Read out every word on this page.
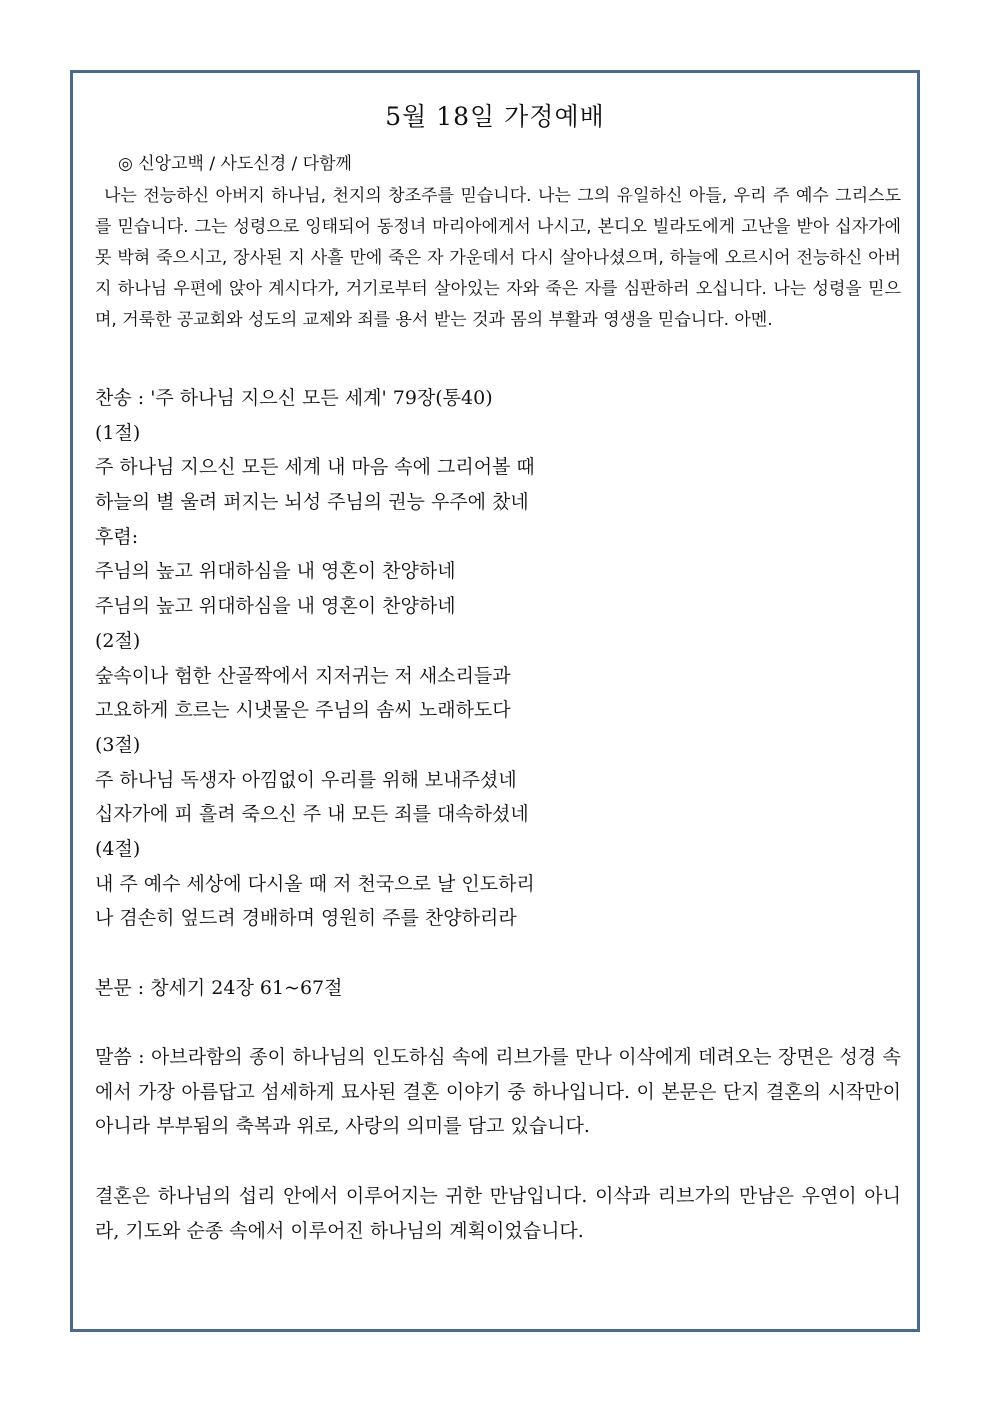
5월 18일 가정예배
◎ 신앙고백 / 사도신경 / 다함께
나는 전능하신 아버지 하나님, 천지의 창조주를 믿습니다. 나는 그의 유일하신 아들, 우리 주 예수 그리스도를 믿습니다. 그는 성령으로 잉태되어 동정녀 마리아에게서 나시고, 본디오 빌라도에게 고난을 받아 십자가에 못 박혀 죽으시고, 장사된 지 사흘 만에 죽은 자 가운데서 다시 살아나셨으며, 하늘에 오르시어 전능하신 아버지 하나님 우편에 앉아 계시다가, 거기로부터 살아있는 자와 죽은 자를 심판하러 오십니다. 나는 성령을 믿으며, 거룩한 공교회와 성도의 교제와 죄를 용서 받는 것과 몸의 부활과 영생을 믿습니다. 아멘.
찬송 : '주 하나님 지으신 모든 세계' 79장(통40)
(1절)
주 하나님 지으신 모든 세계 내 마음 속에 그리어볼 때
하늘의 별 울려 퍼지는 뇌성 주님의 권능 우주에 찼네
후렴:
주님의 높고 위대하심을 내 영혼이 찬양하네
주님의 높고 위대하심을 내 영혼이 찬양하네
(2절)
숲속이나 험한 산골짝에서 지저귀는 저 새소리들과
고요하게 흐르는 시냇물은 주님의 솜씨 노래하도다
(3절)
주 하나님 독생자 아낌없이 우리를 위해 보내주셨네
십자가에 피 흘려 죽으신 주 내 모든 죄를 대속하셨네
(4절)
내 주 예수 세상에 다시올 때 저 천국으로 날 인도하리
나 겸손히 엎드려 경배하며 영원히 주를 찬양하리라
본문 : 창세기 24장 61~67절
말씀 : 아브라함의 종이 하나님의 인도하심 속에 리브가를 만나 이삭에게 데려오는 장면은 성경 속에서 가장 아름답고 섬세하게 묘사된 결혼 이야기 중 하나입니다. 이 본문은 단지 결혼의 시작만이 아니라 부부됨의 축복과 위로, 사랑의 의미를 담고 있습니다.
결혼은 하나님의 섭리 안에서 이루어지는 귀한 만남입니다. 이삭과 리브가의 만남은 우연이 아니라, 기도와 순종 속에서 이루어진 하나님의 계획이었습니다.
